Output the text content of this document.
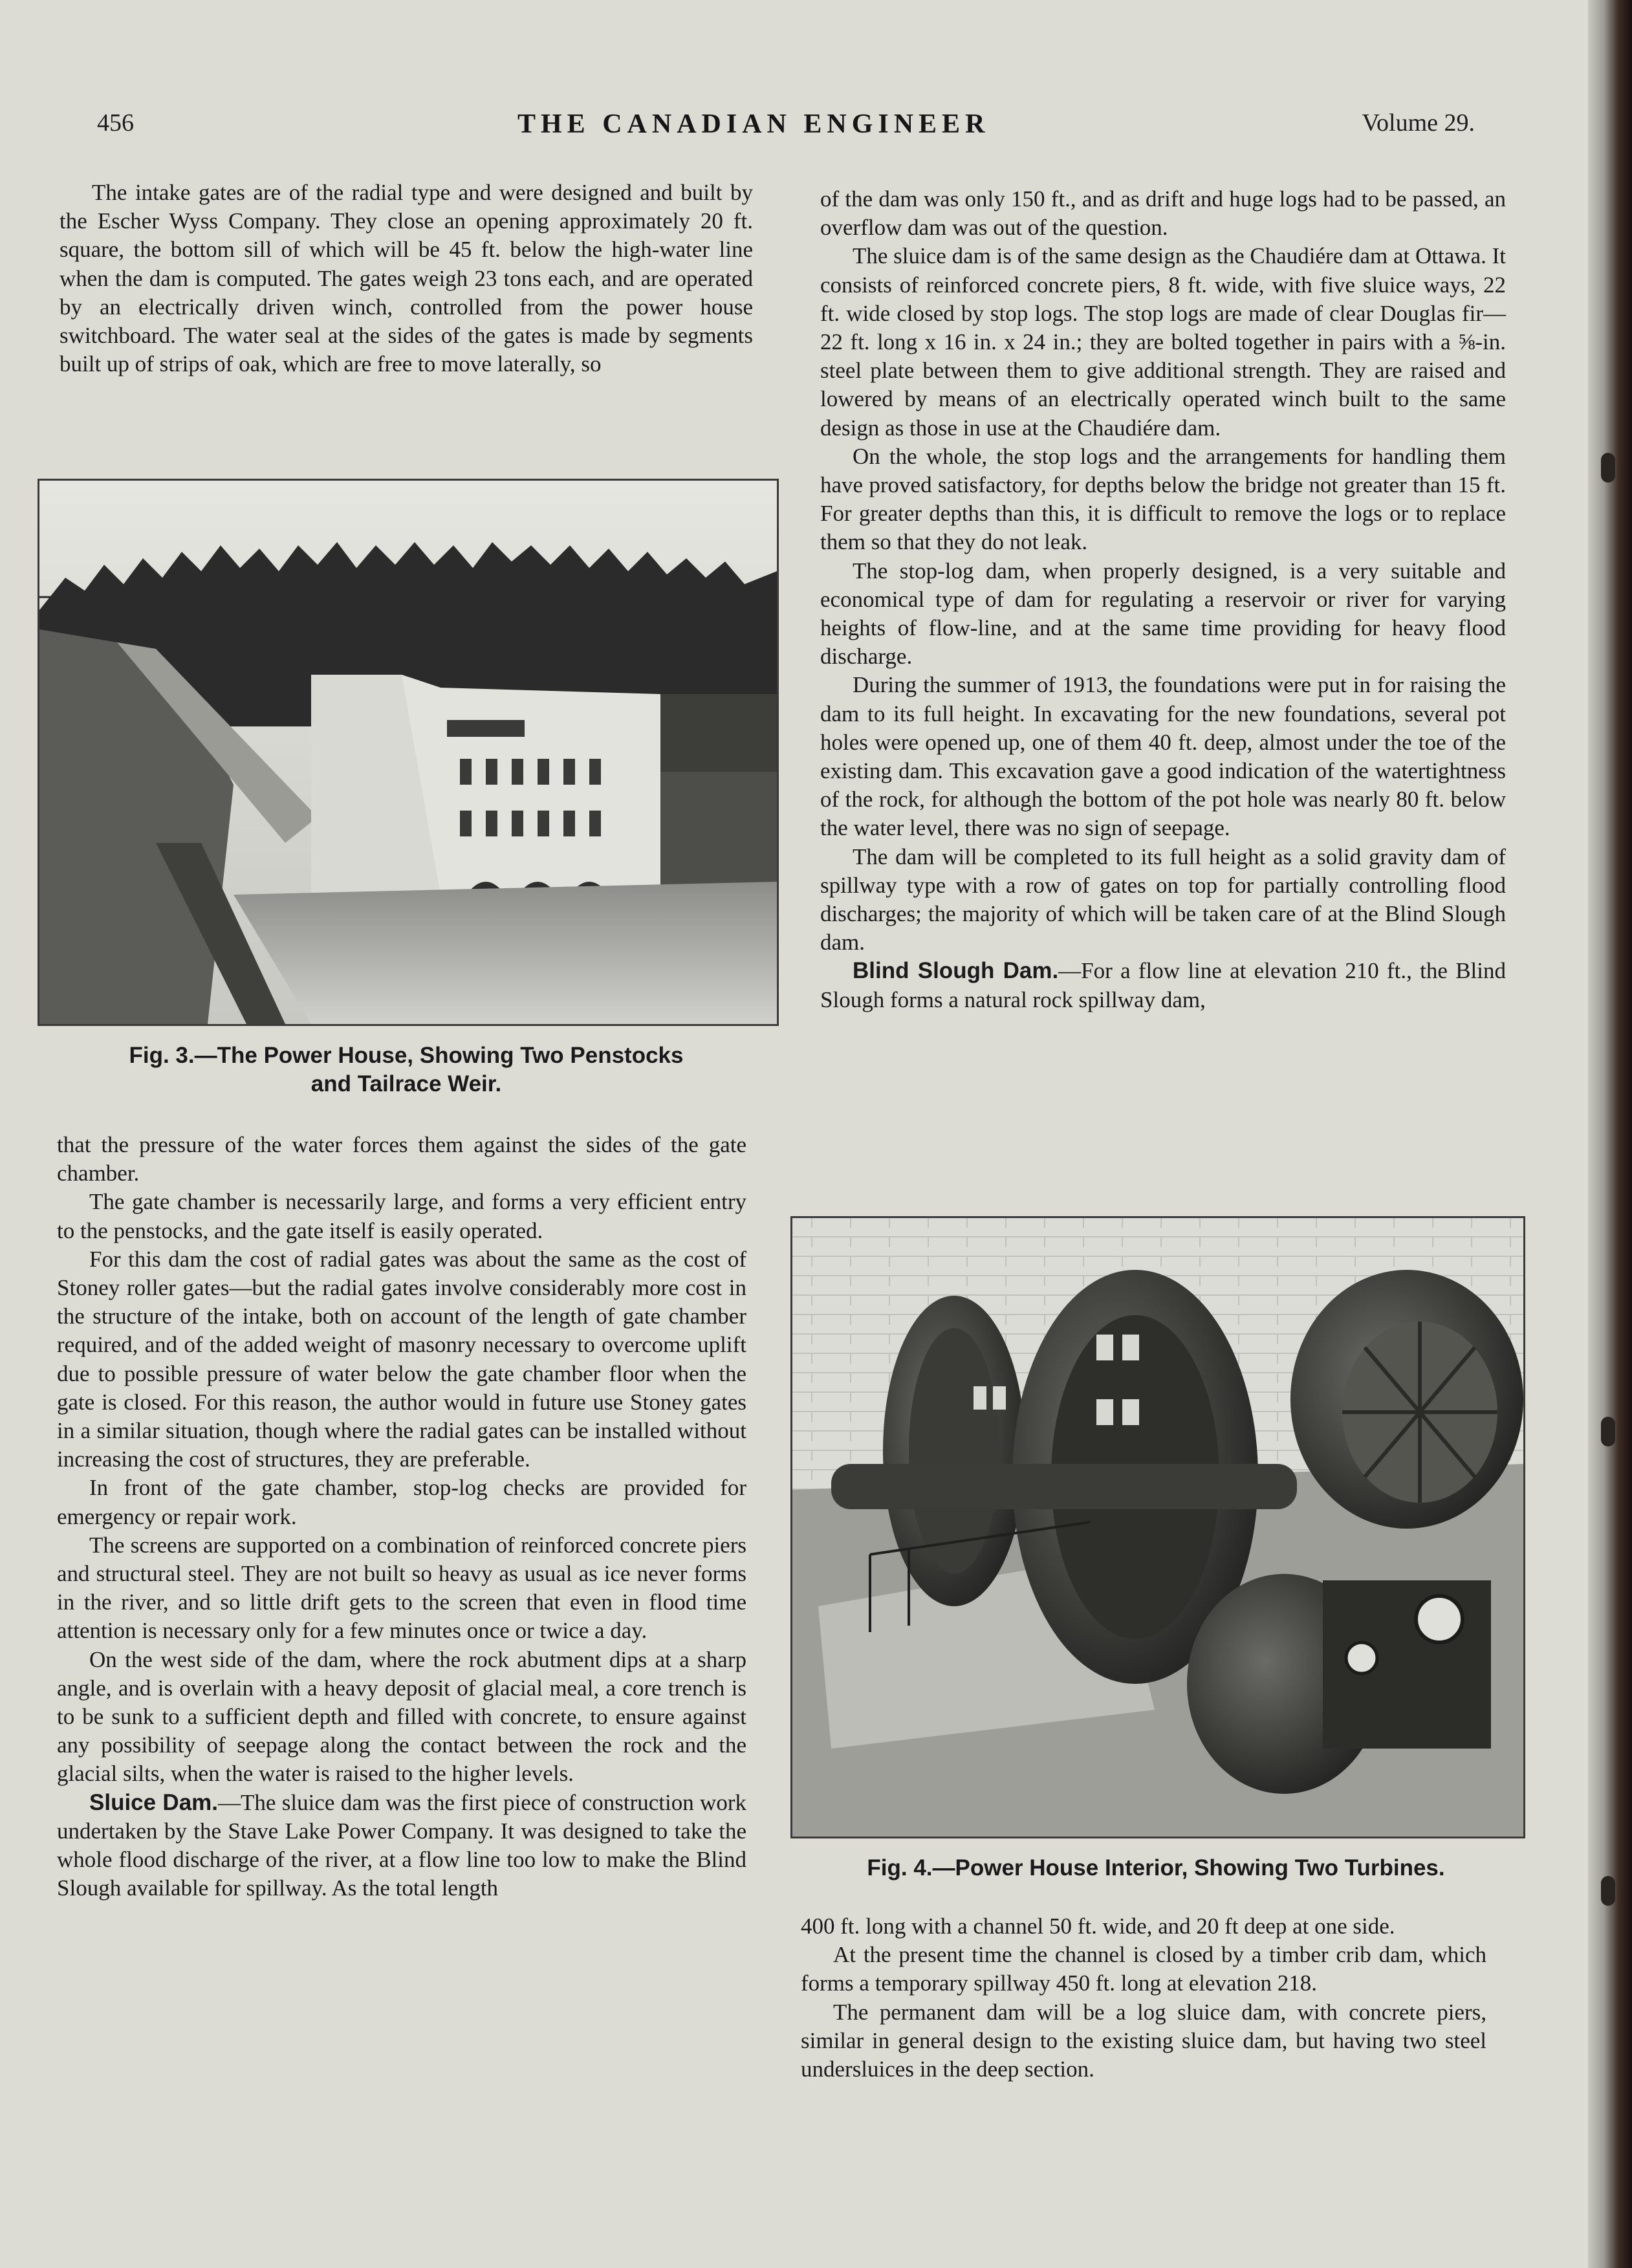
456	THE CANADIAN ENGINEER	Volume 29.

The intake gates are of the radial type and were designed and built by the Escher Wyss Company. They close an opening approximately 20 ft. square, the bottom sill of which will be 45 ft. below the high-water line when the dam is computed. The gates weigh 23 tons each, and are operated by an electrically driven winch, controlled from the power house switchboard. The water seal at the sides of the gates is made by segments built up of strips of oak, which are free to move laterally, so

Fig. 3.—The Power House, Showing Two Penstocks
and Tailrace Weir.

that the pressure of the water forces them against the sides of the gate chamber.

The gate chamber is necessarily large, and forms a very efficient entry to the penstocks, and the gate itself is easily operated.

For this dam the cost of radial gates was about the same as the cost of Stoney roller gates—but the radial gates involve considerably more cost in the structure of the intake, both on account of the length of gate chamber required, and of the added weight of masonry necessary to overcome uplift due to possible pressure of water below the gate chamber floor when the gate is closed. For this reason, the author would in future use Stoney gates in a similar situation, though where the radial gates can be installed without increasing the cost of structures, they are preferable.

In front of the gate chamber, stop-log checks are provided for emergency or repair work.

The screens are supported on a combination of reinforced concrete piers and structural steel. They are not built so heavy as usual as ice never forms in the river, and so little drift gets to the screen that even in flood time attention is necessary only for a few minutes once or twice a day.

On the west side of the dam, where the rock abutment dips at a sharp angle, and is overlain with a heavy deposit of glacial meal, a core trench is to be sunk to a sufficient depth and filled with concrete, to ensure against any possibility of seepage along the contact between the rock and the glacial silts, when the water is raised to the higher levels.

Sluice Dam.—The sluice dam was the first piece of construction work undertaken by the Stave Lake Power Company. It was designed to take the whole flood discharge of the river, at a flow line too low to make the Blind Slough available for spillway. As the total length

of the dam was only 150 ft., and as drift and huge logs had to be passed, an overflow dam was out of the question.

The sluice dam is of the same design as the Chaudiére dam at Ottawa. It consists of reinforced concrete piers, 8 ft. wide, with five sluice ways, 22 ft. wide closed by stop logs. The stop logs are made of clear Douglas fir—22 ft. long x 16 in. x 24 in.; they are bolted together in pairs with a ⅝-in. steel plate between them to give additional strength. They are raised and lowered by means of an electrically operated winch built to the same design as those in use at the Chaudiére dam.

On the whole, the stop logs and the arrangements for handling them have proved satisfactory, for depths below the bridge not greater than 15 ft. For greater depths than this, it is difficult to remove the logs or to replace them so that they do not leak.

The stop-log dam, when properly designed, is a very suitable and economical type of dam for regulating a reservoir or river for varying heights of flow-line, and at the same time providing for heavy flood discharge.

During the summer of 1913, the foundations were put in for raising the dam to its full height. In excavating for the new foundations, several pot holes were opened up, one of them 40 ft. deep, almost under the toe of the existing dam. This excavation gave a good indication of the watertightness of the rock, for although the bottom of the pot hole was nearly 80 ft. below the water level, there was no sign of seepage.

The dam will be completed to its full height as a solid gravity dam of spillway type with a row of gates on top for partially controlling flood discharges; the majority of which will be taken care of at the Blind Slough dam.

Blind Slough Dam.—For a flow line at elevation 210 ft., the Blind Slough forms a natural rock spillway dam,

Fig. 4.—Power House Interior, Showing Two Turbines.

400 ft. long with a channel 50 ft. wide, and 20 ft deep at one side.

At the present time the channel is closed by a timber crib dam, which forms a temporary spillway 450 ft. long at elevation 218.

The permanent dam will be a log sluice dam, with concrete piers, similar in general design to the existing sluice dam, but having two steel undersluices in the deep section.
